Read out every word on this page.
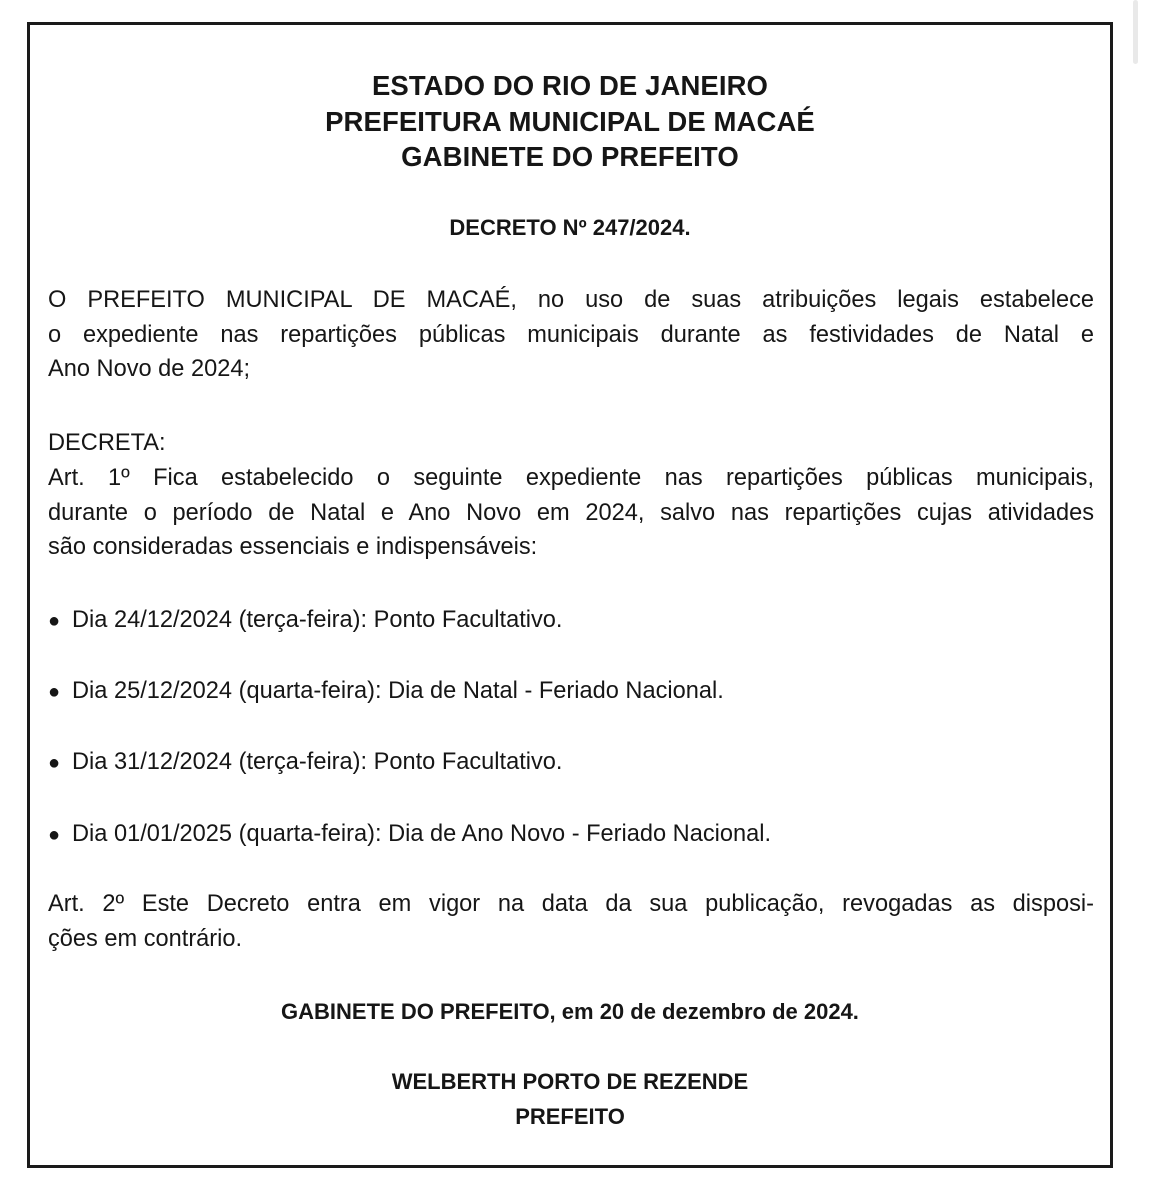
ESTADO DO RIO DE JANEIRO
PREFEITURA MUNICIPAL DE MACAÉ
GABINETE DO PREFEITO
DECRETO Nº 247/2024.
O PREFEITO MUNICIPAL DE MACAÉ, no uso de suas atribuições legais estabelece
o expediente nas repartições públicas municipais durante as festividades de Natal e
Ano Novo de 2024;
DECRETA:
Art. 1º Fica estabelecido o seguinte expediente nas repartições públicas municipais,
durante o período de Natal e Ano Novo em 2024, salvo nas repartições cujas atividades
são consideradas essenciais e indispensáveis:
● Dia 24/12/2024 (terça-feira): Ponto Facultativo.
● Dia 25/12/2024 (quarta-feira): Dia de Natal - Feriado Nacional.
● Dia 31/12/2024 (terça-feira): Ponto Facultativo.
● Dia 01/01/2025 (quarta-feira): Dia de Ano Novo - Feriado Nacional.
Art. 2º Este Decreto entra em vigor na data da sua publicação, revogadas as disposi-
ções em contrário.
GABINETE DO PREFEITO, em 20 de dezembro de 2024.
WELBERTH PORTO DE REZENDE
PREFEITO
